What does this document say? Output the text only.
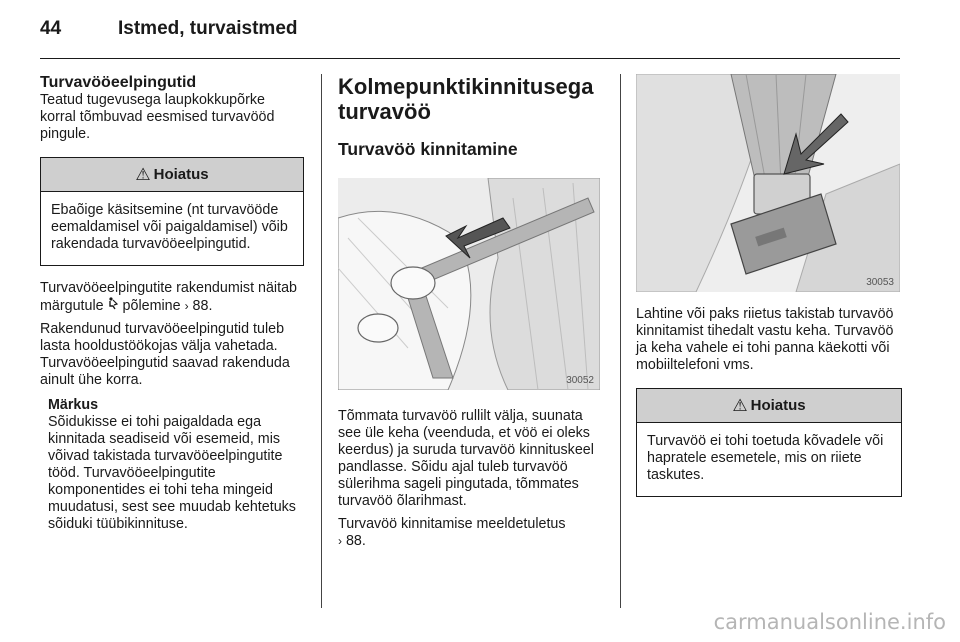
44	Istmed, turvaistmed
Turvavööeelpingutid

Teatud tugevusega laupkokkupõrke korral tõmbuvad eesmised turvavööd pingule.

⚠ Hoiatus
Ebaõige käsitsemine (nt turvavööde eemaldamisel või paigaldamisel) võib rakendada turvavööeelpingutid.

Turvavööeelpingutite rakendumist näitab märgutule põlemine › 88.

Rakendunud turvavööeelpingutid tuleb lasta hooldustöökojas välja vahetada. Turvavööeelpingutid saavad rakenduda ainult ühe korra.

Märkus
Sõidukisse ei tohi paigaldada ega kinnitada seadiseid või esemeid, mis võivad takistada turvavööeelpingutite tööd. Turvavööeelpingutite komponentides ei tohi teha mingeid muudatusi, sest see muudab kehtetuks sõiduki tüübikinnituse.
Kolmepunktikinnitusega turvavöö
Turvavöö kinnitamine
30052

Tõmmata turvavöö rullilt välja, suunata see üle keha (veenduda, et vöö ei oleks keerdus) ja suruda turvavöö kinnituskeel pandlasse. Sõidu ajal tuleb turvavöö sülerihma sageli pingutada, tõmmates turvavöö õlarihmast.

Turvavöö kinnitamise meeldetuletus
› 88.

30053

Lahtine või paks riietus takistab turvavöö kinnitamist tihedalt vastu keha. Turvavöö ja keha vahele ei tohi panna käekotti või mobiiltelefoni vms.

⚠ Hoiatus
Turvavöö ei tohi toetuda kõvadele või hapratele esemetele, mis on riiete taskutes.
carmanualsonline.info
